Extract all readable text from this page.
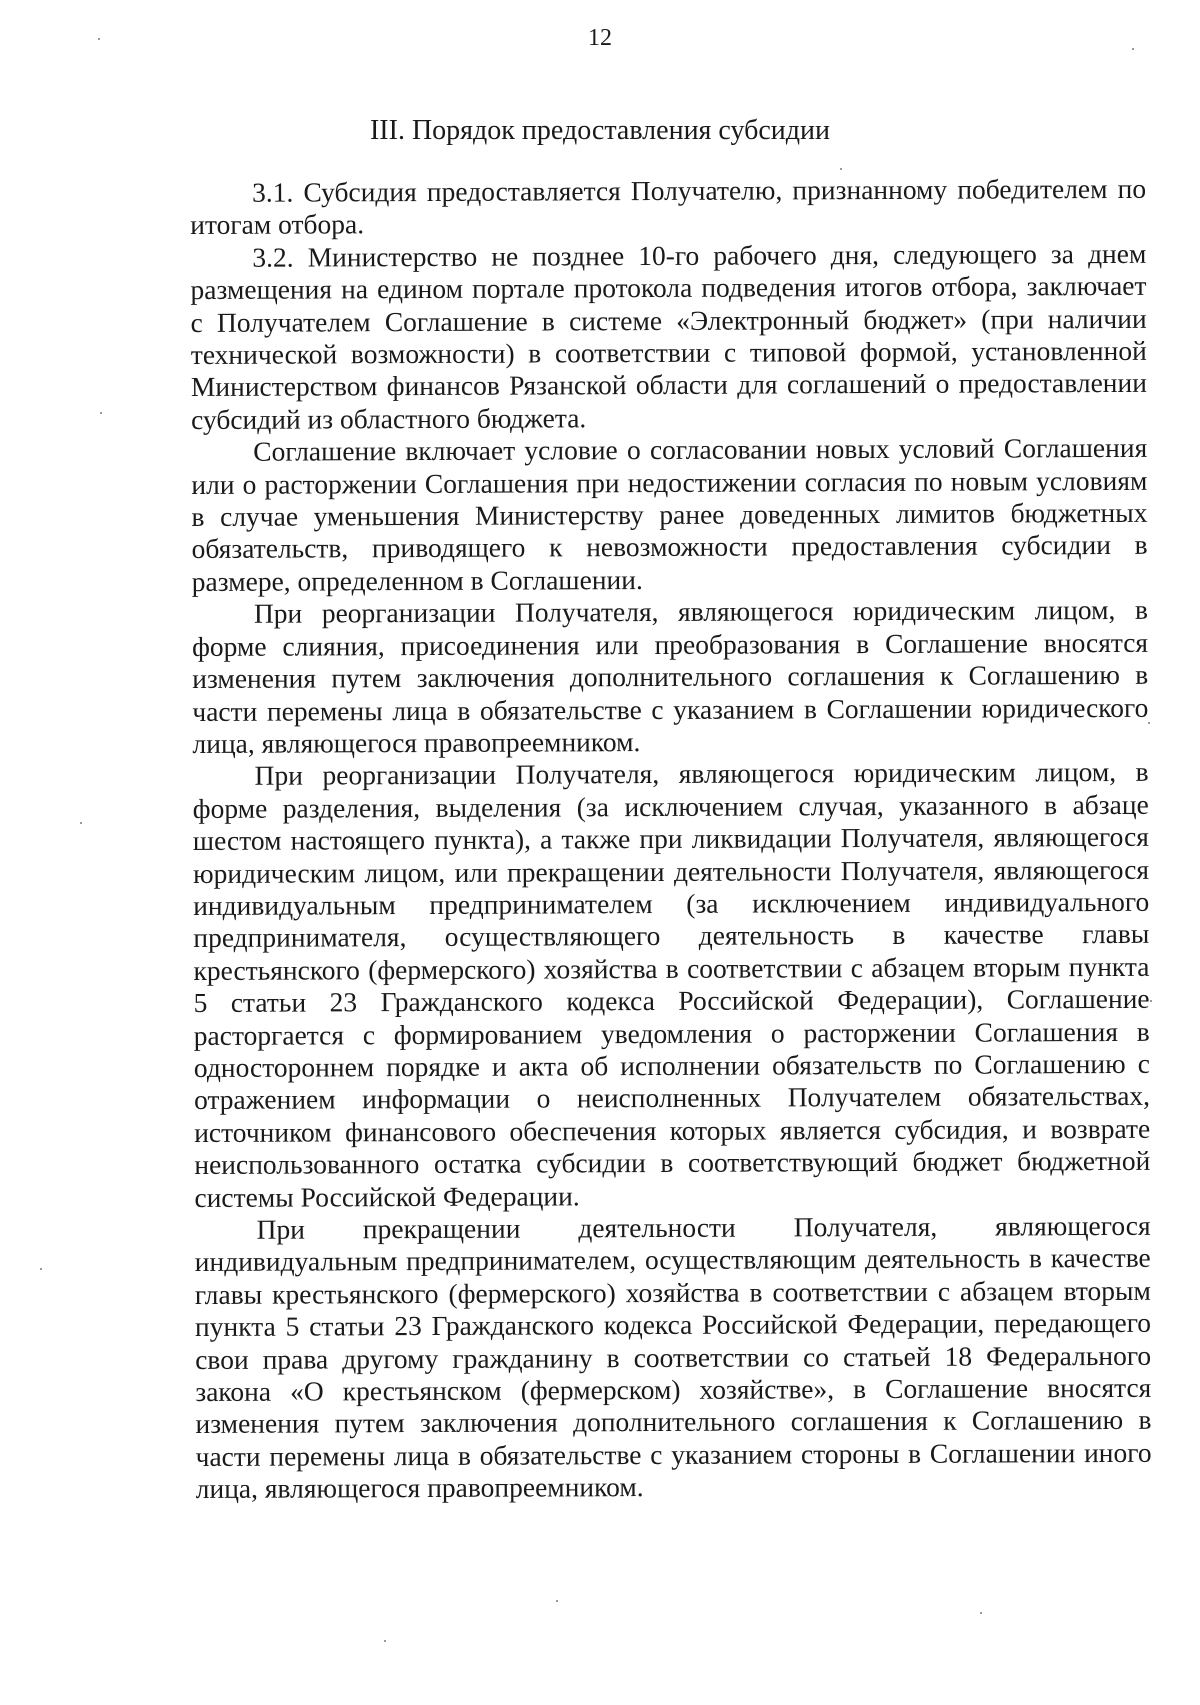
12
III. Порядок предоставления субсидии

3.1. Субсидия предоставляется Получателю, признанному победителем по итогам отбора.

3.2. Министерство не позднее 10-го рабочего дня, следующего за днем размещения на едином портале протокола подведения итогов отбора, заключает с Получателем Соглашение в системе «Электронный бюджет» (при наличии технической возможности) в соответствии с типовой формой, установленной Министерством финансов Рязанской области для соглашений о предоставлении субсидий из областного бюджета.

Соглашение включает условие о согласовании новых условий Соглашения или о расторжении Соглашения при недостижении согласия по новым условиям в случае уменьшения Министерству ранее доведенных лимитов бюджетных обязательств, приводящего к невозможности предоставления субсидии в размере, определенном в Соглашении.

При реорганизации Получателя, являющегося юридическим лицом, в форме слияния, присоединения или преобразования в Соглашение вносятся изменения путем заключения дополнительного соглашения к Соглашению в части перемены лица в обязательстве с указанием в Соглашении юридического лица, являющегося правопреемником.

При реорганизации Получателя, являющегося юридическим лицом, в форме разделения, выделения (за исключением случая, указанного в абзаце шестом настоящего пункта), а также при ликвидации Получателя, являющегося юридическим лицом, или прекращении деятельности Получателя, являющегося индивидуальным предпринимателем (за исключением индивидуального предпринимателя, осуществляющего деятельность в качестве главы крестьянского (фермерского) хозяйства в соответствии с абзацем вторым пункта 5 статьи 23 Гражданского кодекса Российской Федерации), Соглашение расторгается с формированием уведомления о расторжении Соглашения в одностороннем порядке и акта об исполнении обязательств по Соглашению с отражением информации о неисполненных Получателем обязательствах, источником финансового обеспечения которых является субсидия, и возврате неиспользованного остатка субсидии в соответствующий бюджет бюджетной системы Российской Федерации.

При прекращении деятельности Получателя, являющегося индивидуальным предпринимателем, осуществляющим деятельность в качестве главы крестьянского (фермерского) хозяйства в соответствии с абзацем вторым пункта 5 статьи 23 Гражданского кодекса Российской Федерации, передающего свои права другому гражданину в соответствии со статьей 18 Федерального закона «О крестьянском (фермерском) хозяйстве», в Соглашение вносятся изменения путем заключения дополнительного соглашения к Соглашению в части перемены лица в обязательстве с указанием стороны в Соглашении иного лица, являющегося правопреемником.
